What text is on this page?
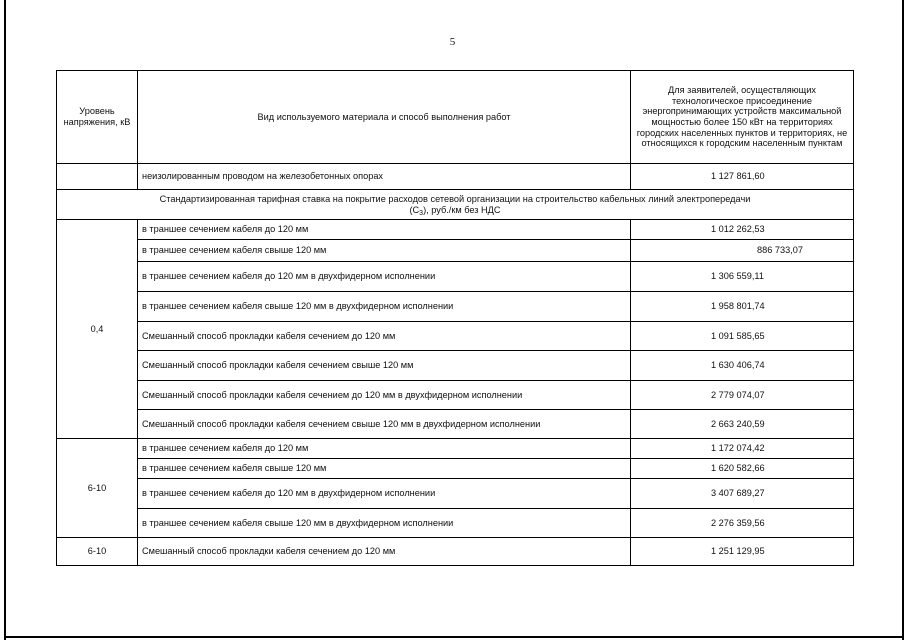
5
Уровень напряжения, кВ	Вид используемого материала и способ выполнения работ	Для заявителей, осуществляющих технологическое присоединение энергопринимающих устройств максимальной мощностью более 150 кВт на территориях городских населенных пунктов и территориях, не относящихся к городским населенным пунктам
	неизолированным проводом на железобетонных опорах	1 127 861,60
Стандартизированная тарифная ставка на покрытие расходов сетевой организации на строительство кабельных линий электропередачи
$(С_3)$, руб./км без НДС		
0,4	в траншее сечением кабеля до 120 мм	1 012 262,53
	в траншее сечением кабеля свыше 120 мм	886 733,07
	в траншее сечением кабеля до 120 мм в двухфидерном исполнении	1 306 559,11
	в траншее сечением кабеля свыше 120 мм в двухфидерном исполнении	1 958 801,74
	Смешанный способ прокладки кабеля сечением до 120 мм	1 091 585,65
	Смешанный способ прокладки кабеля сечением свыше 120 мм	1 630 406,74
	Смешанный способ прокладки кабеля сечением до 120 мм в двухфидерном исполнении	2 779 074,07
	Смешанный способ прокладки кабеля сечением свыше 120 мм в двухфидерном исполнении	2 663 240,59
6-10	в траншее сечением кабеля до 120 мм	1 172 074,42
	в траншее сечением кабеля свыше 120 мм	1 620 582,66
	в траншее сечением кабеля до 120 мм в двухфидерном исполнении	3 407 689,27
	в траншее сечением кабеля свыше 120 мм в двухфидерном исполнении	2 276 359,56
6-10	Смешанный способ прокладки кабеля сечением до 120 мм	1 251 129,95
